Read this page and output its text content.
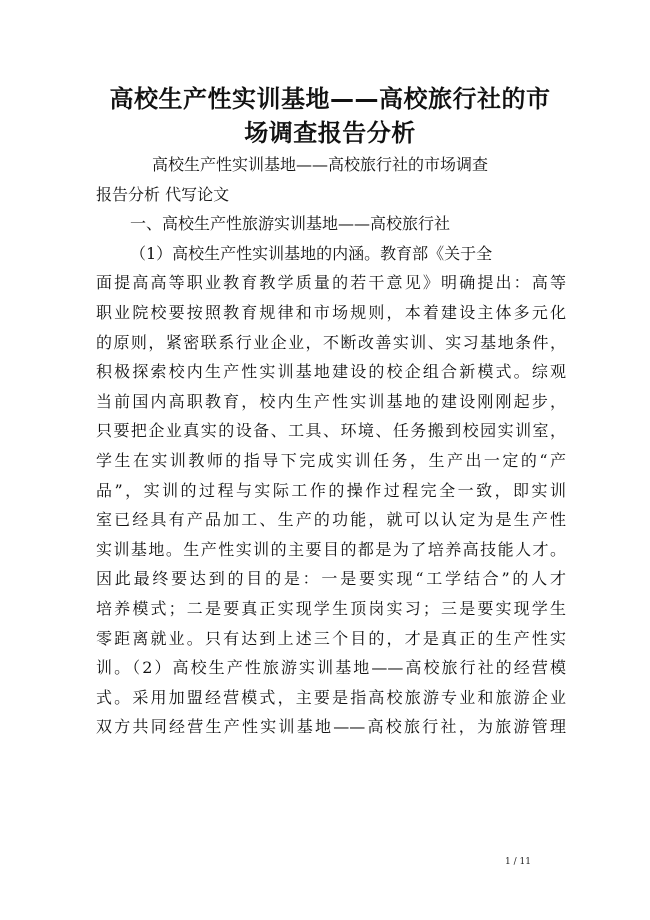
高校生产性实训基地——高校旅行社的市
场调查报告分析
高校生产性实训基地——高校旅行社的市场调查
报告分析 代写论文
一、高校生产性旅游实训基地——高校旅行社
（1）高校生产性实训基地的内涵。教育部《关于全
面提高高等职业教育教学质量的若干意见》明确提出：高等
职业院校要按照教育规律和市场规则，本着建设主体多元化
的原则，紧密联系行业企业，不断改善实训、实习基地条件，
积极探索校内生产性实训基地建设的校企组合新模式。综观
当前国内高职教育，校内生产性实训基地的建设刚刚起步，
只要把企业真实的设备、工具、环境、任务搬到校园实训室，
学生在实训教师的指导下完成实训任务，生产出一定的“产
品”，实训的过程与实际工作的操作过程完全一致，即实训
室已经具有产品加工、生产的功能，就可以认定为是生产性
实训基地。生产性实训的主要目的都是为了培养高技能人才。
因此最终要达到的目的是：一是要实现“工学结合”的人才
培养模式；二是要真正实现学生顶岗实习；三是要实现学生
零距离就业。只有达到上述三个目的，才是真正的生产性实
训。（2）高校生产性旅游实训基地——高校旅行社的经营模
式。采用加盟经营模式，主要是指高校旅游专业和旅游企业
双方共同经营生产性实训基地——高校旅行社，为旅游管理
1 / 11
